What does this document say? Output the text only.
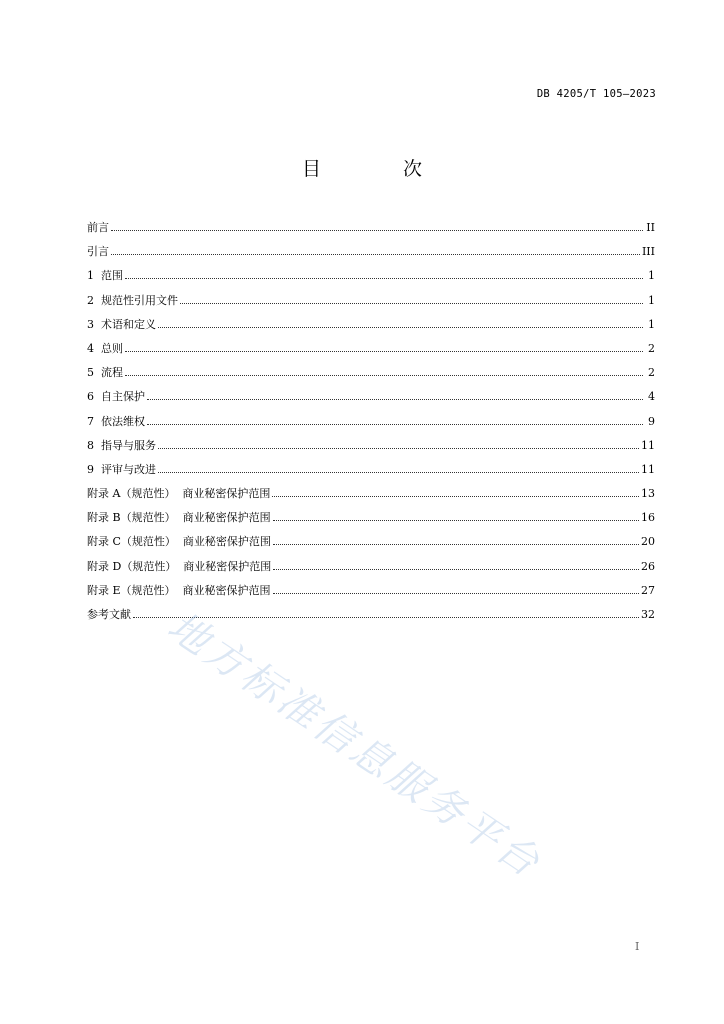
DB 4205/T 105—2023
目 次
前言	II
引言	III
1  范围	1
2  规范性引用文件	1
3  术语和定义	1
4  总则	2
5  流程	2
6  自主保护	4
7  依法维权	9
8  指导与服务	11
9  评审与改进	11
附录 A（规范性）  商业秘密保护范围	13
附录 B（规范性）  商业秘密保护范围	16
附录 C（规范性）  商业秘密保护范围	20
附录 D（规范性）  商业秘密保护范围	26
附录 E（规范性）  商业秘密保护范围	27
参考文献	32
地方标准信息服务平台
I
